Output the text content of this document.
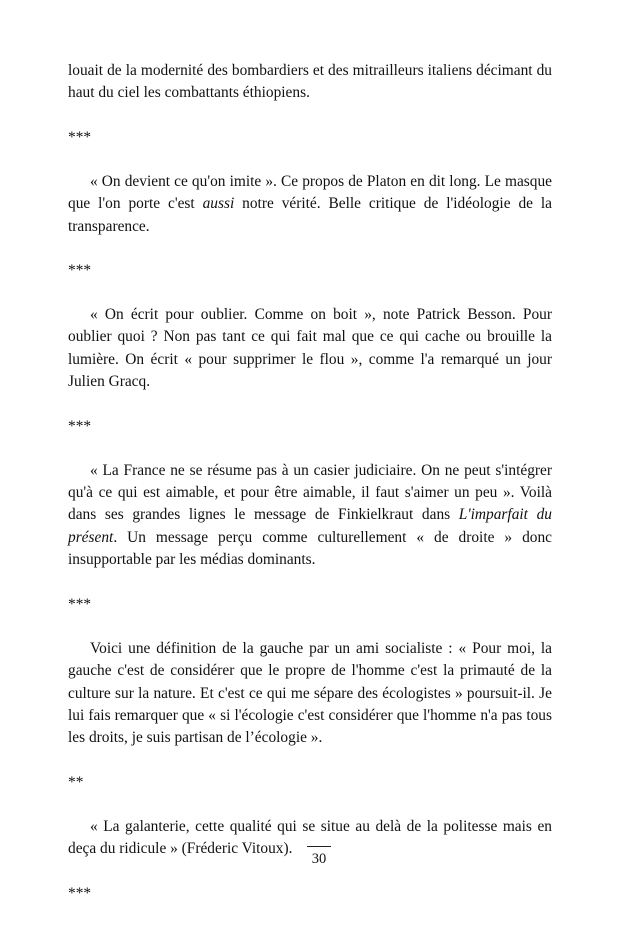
louait de la modernité des bombardiers et des mitrailleurs italiens décimant du haut du ciel les combattants éthiopiens.

***

« On devient ce qu'on imite ». Ce propos de Platon en dit long. Le masque que l'on porte c'est aussi notre vérité. Belle critique de l'idéologie de la transparence.

***

« On écrit pour oublier. Comme on boit », note Patrick Besson. Pour oublier quoi ? Non pas tant ce qui fait mal que ce qui cache ou brouille la lumière. On écrit « pour supprimer le flou », comme l'a remarqué un jour Julien Gracq.

***

« La France ne se résume pas à un casier judiciaire. On ne peut s'intégrer qu'à ce qui est aimable, et pour être aimable, il faut s'aimer un peu ». Voilà dans ses grandes lignes le message de Finkielkraut dans L'imparfait du présent. Un message perçu comme culturellement « de droite » donc insupportable par les médias dominants.

***

Voici une définition de la gauche par un ami socialiste : « Pour moi, la gauche c'est de considérer que le propre de l'homme c'est la primauté de la culture sur la nature. Et c'est ce qui me sépare des écologistes » poursuit-il. Je lui fais remarquer que « si l'écologie c'est considérer que l'homme n'a pas tous les droits, je suis partisan de l’écologie ».

**

« La galanterie, cette qualité qui se situe au delà de la politesse mais en deça du ridicule » (Fréderic Vitoux).

***
30
